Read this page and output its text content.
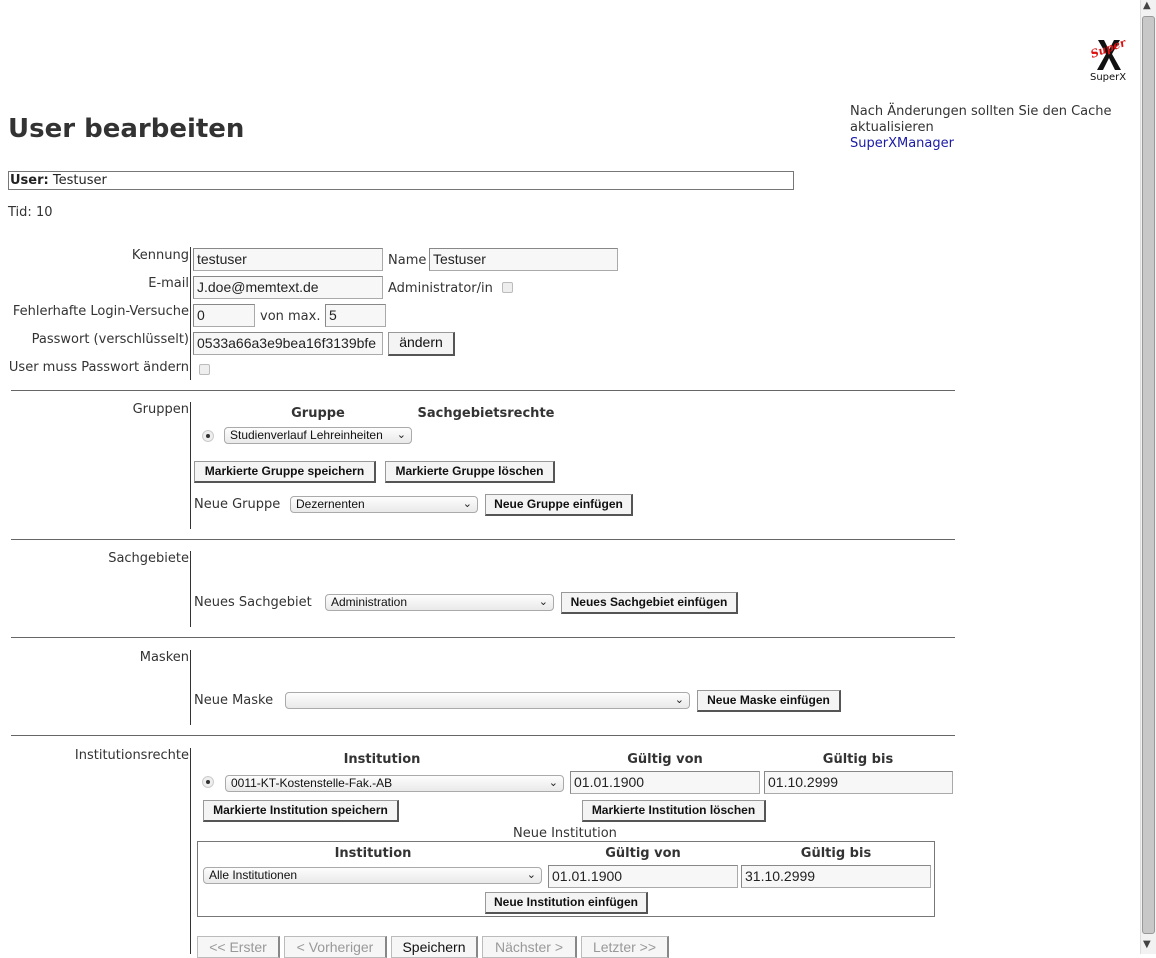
Super
SuperX
Nach Änderungen sollten Sie den Cache aktualisieren
SuperXManager
User bearbeiten
User: Testuser
Tid: 10
Kennung testuser	Name Testuser
E-mail J.doe@memtext.de	Administrator/in
Fehlerhafte Login-Versuche 0	von max. 5
Passwort (verschlüsselt) 0533a66a3e9bea16f3139bfe	ändern
User muss Passwort ändern
Gruppen	Gruppe	Sachgebietsrechte
Studienverlauf Lehreinheiten ⌄
Markierte Gruppe speichern	Markierte Gruppe löschen
Neue Gruppe	Dezernenten	⌄	Neue Gruppe einfügen
Sachgebiete
Neues Sachgebiet	Administration	⌄	Neues Sachgebiet einfügen
Masken
Neue Maske	⌄	Neue Maske einfügen
Institutionsrechte	Institution	Gültig von	Gültig bis
0011-KT-Kostenstelle-Fak.-AB	⌄ 01.01.1900	01.10.2999
Markierte Institution speichern	Markierte Institution löschen
Neue Institution
Institution	Gültig von	Gültig bis
Alle Institutionen	⌄ 01.01.1900	31.10.2999
Neue Institution einfügen
<< Erster	< Vorheriger	Speichern	Nächster >	Letzter >>
▲
▼
